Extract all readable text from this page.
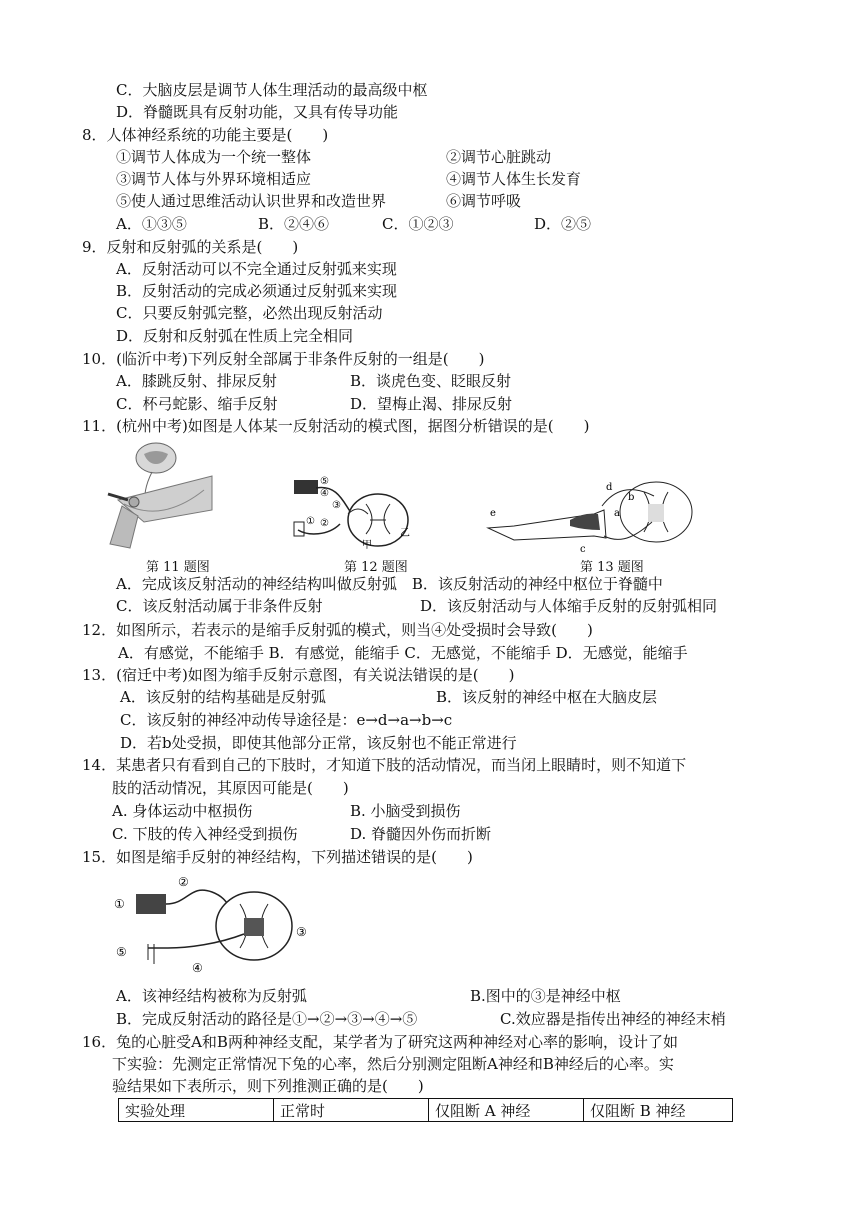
C．大脑皮层是调节人体生理活动的最高级中枢
D．脊髓既具有反射功能，又具有传导功能
8．人体神经系统的功能主要是(　　)
①调节人体成为一个统一整体	②调节心脏跳动
③调节人体与外界环境相适应	④调节人体生长发育
⑤使人通过思维活动认识世界和改造世界	⑥调节呼吸
A．①③⑤	B．②④⑥	C．①②③	D．②⑤
9．反射和反射弧的关系是(　　)
A．反射活动可以不完全通过反射弧来实现
B．反射活动的完成必须通过反射弧来实现
C．只要反射弧完整，必然出现反射活动
D．反射和反射弧在性质上完全相同
10．(临沂中考)下列反射全部属于非条件反射的一组是(　　)
A．膝跳反射、排尿反射	B．谈虎色变、眨眼反射
C．杯弓蛇影、缩手反射	D．望梅止渴、排尿反射
11．(杭州中考)如图是人体某一反射活动的模式图，据图分析错误的是(　　)
A．完成该反射活动的神经结构叫做反射弧　B．该反射活动的神经中枢位于脊髓中
C．该反射活动属于非条件反射	D．该反射活动与人体缩手反射的反射弧相同
12．如图所示，若表示的是缩手反射弧的模式，则当④处受损时会导致(　　)
A．有感觉，不能缩手 B．有感觉，能缩手 C．无感觉，不能缩手 D．无感觉，能缩手
13．(宿迁中考)如图为缩手反射示意图，有关说法错误的是(　　)
A．该反射的结构基础是反射弧	B．该反射的神经中枢在大脑皮层
C．该反射的神经冲动传导途径是：e→d→a→b→c
D．若b处受损，即使其他部分正常，该反射也不能正常进行
14．某患者只有看到自己的下肢时，才知道下肢的活动情况，而当闭上眼睛时，则不知道下
肢的活动情况，其原因可能是(　　)
A. 身体运动中枢损伤	B. 小脑受到损伤
C. 下肢的传入神经受到损伤	D. 脊髓因外伤而折断
15．如图是缩手反射的神经结构，下列描述错误的是(　　)
A．该神经结构被称为反射弧	B.图中的③是神经中枢
B．完成反射活动的路径是①→②→③→④→⑤	C.效应器是指传出神经的神经末梢
16．兔的心脏受A和B两种神经支配，某学者为了研究这两种神经对心率的影响，设计了如
下实验：先测定正常情况下兔的心率，然后分别测定阻断A神经和B神经后的心率。实
验结果如下表所示，则下列推测正确的是(　　)
第 11 题图
⑤
④
③
②
①
甲
乙
第 12 题图
d
e	a
b
c
第 13 题图
①
②
③
④
⑤
实验处理	正常时	仅阻断 A 神经	仅阻断 B 神经
